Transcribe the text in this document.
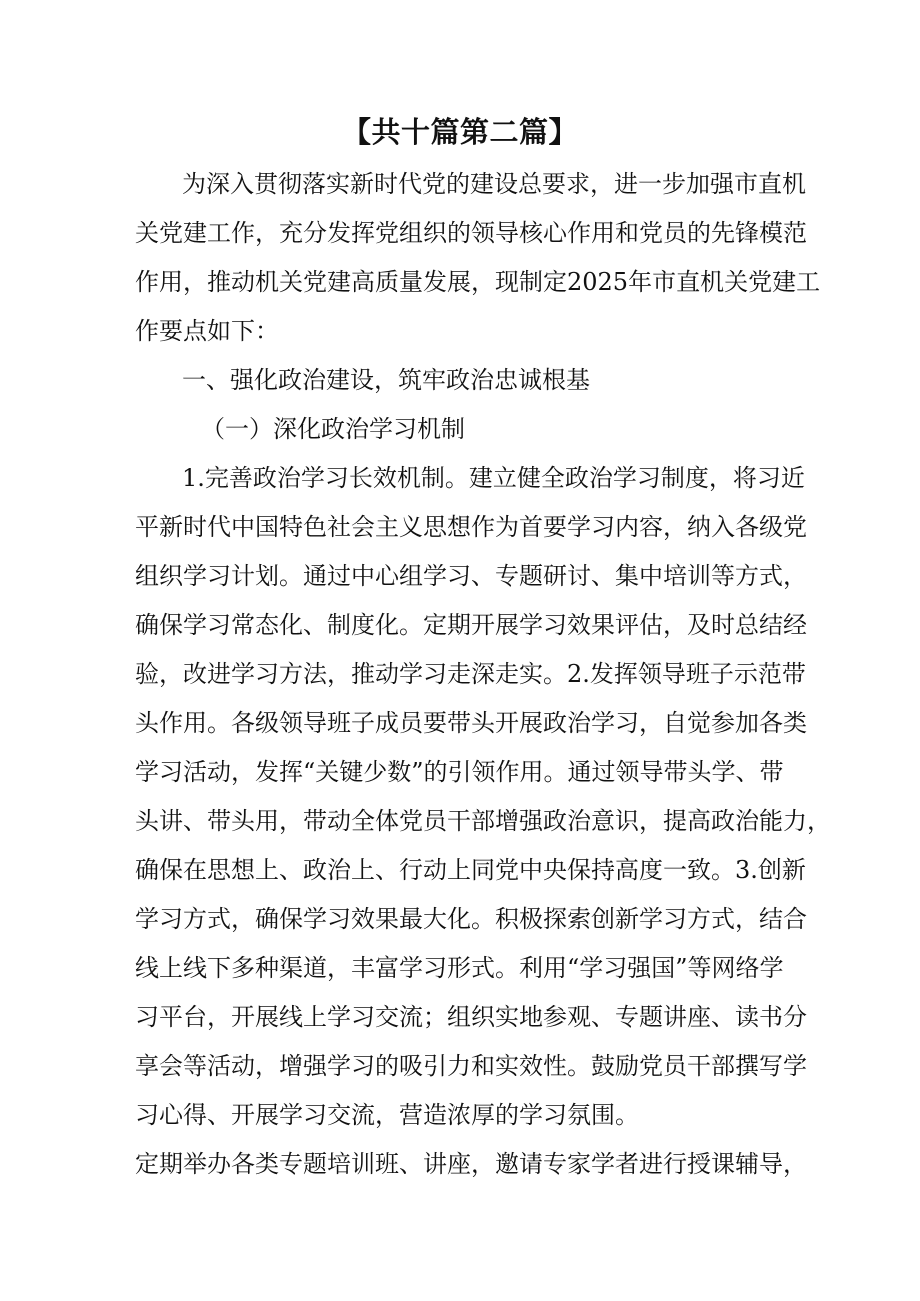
【共十篇第二篇】
为深入贯彻落实新时代党的建设总要求，进一步加强市直机
关党建工作，充分发挥党组织的领导核心作用和党员的先锋模范
作用，推动机关党建高质量发展，现制定2025年市直机关党建工
作要点如下：
一、强化政治建设，筑牢政治忠诚根基
（一）深化政治学习机制
1.完善政治学习长效机制。建立健全政治学习制度，将习近
平新时代中国特色社会主义思想作为首要学习内容，纳入各级党
组织学习计划。通过中心组学习、专题研讨、集中培训等方式，
确保学习常态化、制度化。定期开展学习效果评估，及时总结经
验，改进学习方法，推动学习走深走实。2.发挥领导班子示范带
头作用。各级领导班子成员要带头开展政治学习，自觉参加各类
学习活动，发挥“关键少数”的引领作用。通过领导带头学、带
头讲、带头用，带动全体党员干部增强政治意识，提高政治能力，
确保在思想上、政治上、行动上同党中央保持高度一致。3.创新
学习方式，确保学习效果最大化。积极探索创新学习方式，结合
线上线下多种渠道，丰富学习形式。利用“学习强国”等网络学
习平台，开展线上学习交流；组织实地参观、专题讲座、读书分
享会等活动，增强学习的吸引力和实效性。鼓励党员干部撰写学
习心得、开展学习交流，营造浓厚的学习氛围。
定期举办各类专题培训班、讲座，邀请专家学者进行授课辅导，
